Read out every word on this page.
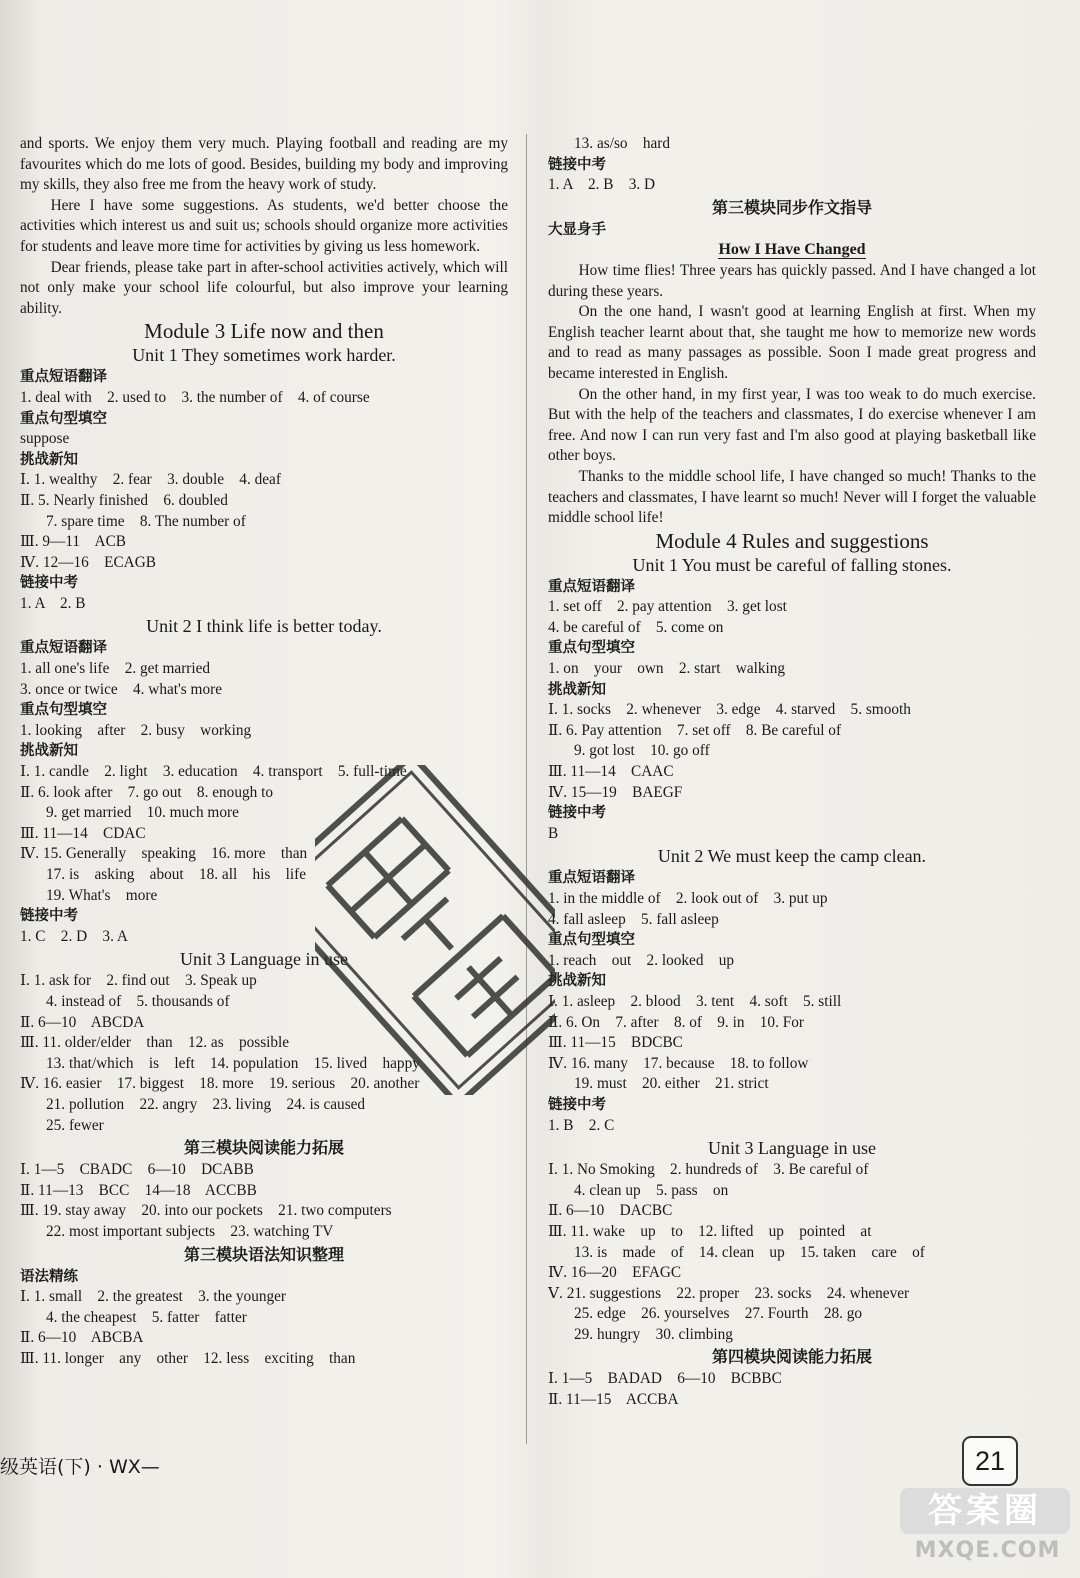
and sports. We enjoy them very much. Playing football and reading are my favourites which do me lots of good. Besides, building my body and improving my skills, they also free me from the heavy work of study.
Here I have some suggestions. As students, we'd better choose the activities which interest us and suit us; schools should organize more activities for students and leave more time for activities by giving us less homework.
Dear friends, please take part in after-school activities actively, which will not only make your school life colourful, but also improve your learning ability.
Module 3 Life now and then
Unit 1 They sometimes work harder.
重点短语翻译
1. deal with    2. used to    3. the number of    4. of course
重点句型填空
suppose
挑战新知
Ⅰ. 1. wealthy    2. fear    3. double    4. deaf
Ⅱ. 5. Nearly finished    6. doubled
7. spare time    8. The number of
Ⅲ. 9—11    ACB
Ⅳ. 12—16    ECAGB
链接中考
1. A    2. B
Unit 2 I think life is better today.
重点短语翻译
1. all one's life    2. get married
3. once or twice    4. what's more
重点句型填空
1. looking    after    2. busy    working
挑战新知
Ⅰ. 1. candle    2. light    3. education    4. transport    5. full-time
Ⅱ. 6. look after    7. go out    8. enough to
9. get married    10. much more
Ⅲ. 11—14    CDAC
Ⅳ. 15. Generally    speaking    16. more    than
17. is    asking    about    18. all    his    life
19. What's    more
链接中考
1. C    2. D    3. A
Unit 3 Language in use
Ⅰ. 1. ask for    2. find out    3. Speak up
4. instead of    5. thousands of
Ⅱ. 6—10    ABCDA
Ⅲ. 11. older/elder    than    12. as    possible
13. that/which    is    left    14. population    15. lived    happy
Ⅳ. 16. easier    17. biggest    18. more    19. serious    20. another
21. pollution    22. angry    23. living    24. is caused
25. fewer
第三模块阅读能力拓展
Ⅰ. 1—5    CBADC    6—10    DCABB
Ⅱ. 11—13    BCC    14—18    ACCBB
Ⅲ. 19. stay away    20. into our pockets    21. two computers
22. most important subjects    23. watching TV
第三模块语法知识整理
语法精练
Ⅰ. 1. small    2. the greatest    3. the younger
4. the cheapest    5. fatter    fatter
Ⅱ. 6—10    ABCBA
Ⅲ. 11. longer    any    other    12. less    exciting    than
13. as/so    hard
链接中考
1. A    2. B    3. D
第三模块同步作文指导
大显身手
How I Have Changed
How time flies! Three years has quickly passed. And I have changed a lot during these years.
On the one hand, I wasn't good at learning English at first. When my English teacher learnt about that, she taught me how to memorize new words and to read as many passages as possible. Soon I made great progress and became interested in English.
On the other hand, in my first year, I was too weak to do much exercise. But with the help of the teachers and classmates, I do exercise whenever I am free. And now I can run very fast and I'm also good at playing basketball like other boys.
Thanks to the middle school life, I have changed so much! Thanks to the teachers and classmates, I have learnt so much! Never will I forget the valuable middle school life!
Module 4 Rules and suggestions
Unit 1 You must be careful of falling stones.
重点短语翻译
1. set off    2. pay attention    3. get lost
4. be careful of    5. come on
重点句型填空
1. on    your    own    2. start    walking
挑战新知
Ⅰ. 1. socks    2. whenever    3. edge    4. starved    5. smooth
Ⅱ. 6. Pay attention    7. set off    8. Be careful of
9. got lost    10. go off
Ⅲ. 11—14    CAAC
Ⅳ. 15—19    BAEGF
链接中考
B
Unit 2 We must keep the camp clean.
重点短语翻译
1. in the middle of    2. look out of    3. put up
4. fall asleep    5. fall asleep
重点句型填空
1. reach    out    2. looked    up
挑战新知
Ⅰ. 1. asleep    2. blood    3. tent    4. soft    5. still
Ⅱ. 6. On    7. after    8. of    9. in    10. For
Ⅲ. 11—15    BDCBC
Ⅳ. 16. many    17. because    18. to follow
19. must    20. either    21. strict
链接中考
1. B    2. C
Unit 3 Language in use
Ⅰ. 1. No Smoking    2. hundreds of    3. Be careful of
4. clean up    5. pass    on
Ⅱ. 6—10    DACBC
Ⅲ. 11. wake    up    to    12. lifted    up    pointed    at
13. is    made    of    14. clean    up    15. taken    care    of
Ⅳ. 16—20    EFAGC
Ⅴ. 21. suggestions    22. proper    23. socks    24. whenever
25. edge    26. yourselves    27. Fourth    28. go
29. hungry    30. climbing
第四模块阅读能力拓展
Ⅰ. 1—5    BADAD    6—10    BCBBC
Ⅱ. 11—15    ACCBA
级英语(下) · WX—	21
答案圈
MXQE.COM
